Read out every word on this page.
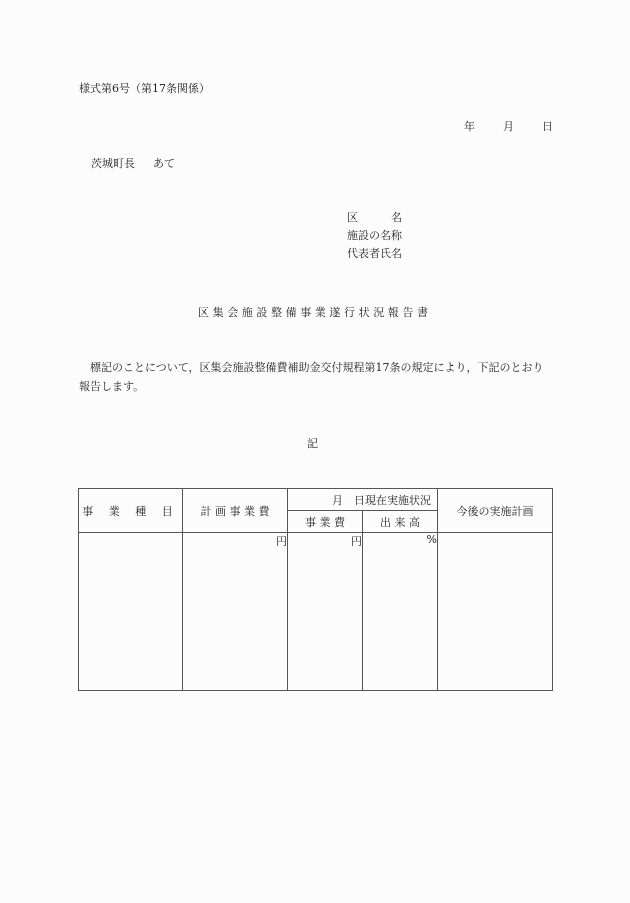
様式第6号（第17条関係）
年	月	日
茨城町長 あて
区　　　名
施設の名称
代表者氏名
区集会施設整備事業遂行状況報告書
標記のことについて，区集会施設整備費補助金交付規程第17条の規定により，下記のとおり報告します。
記
事 業 種 目	計 画 事 業 費	月　日現在実施状況		今後の実施計画
		事 業 費	出 来 高	
	円	円	%	
